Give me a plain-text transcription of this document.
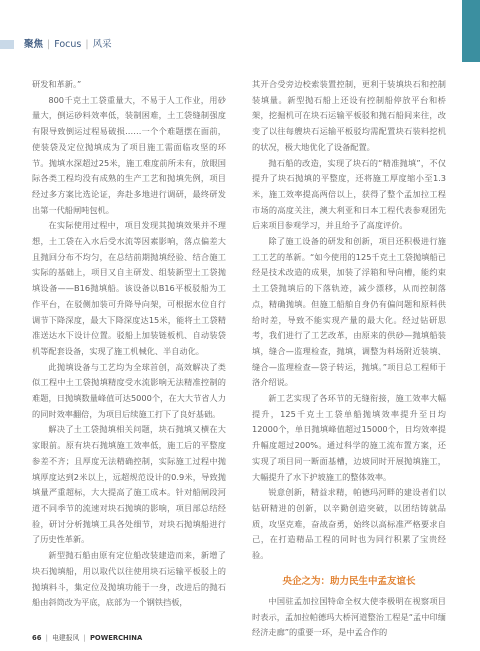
聚焦 | Focus | 风采

研发和革新。”

800千克土工袋重量大，不易于人工作业，用砂量大，倒运砂料效率低，装制困难，土工袋缝制强度有限导致倒运过程易破损……一个个难题摆在面前，使装袋及定位抛填成为了项目施工需面临攻坚的环节。抛填水深超过25米，施工难度前所未有，放眼国际各类工程均没有成熟的生产工艺和抛填先例，项目经过多方案比选论证，奔赴多地进行调研，最终研发出第一代船闸吨包机。

在实际使用过程中，项目发现其抛填效果并不理想，土工袋在入水后受水流等因素影响，落点偏差大且抛回分布不均匀，在总结前期抛填经验、结合施工实际的基础上，项目又自主研发、组装新型土工袋抛填设备——B16抛填船。该设备以B16平板驳船为工作平台，在驳侧加装可升降导向架，可根据水位自行调节下降深度，最大下降深度达15米，能将土工袋精准送达水下设计位置。驳船上加装链板机、自动装袋机等配套设备，实现了施工机械化、半自动化。

此抛填设备与工艺均为全球首创，高效解决了类似工程中土工袋抛填精度受水流影响无法精准控制的难题，日抛填数量峰值可达5000个，在大大节省人力的同时效率翻倍，为项目后续施工打下了良好基础。

解决了土工袋抛填相关问题，块石抛填又横在大家眼前。原有块石抛填施工效率低，施工后的平整度参差不齐；且厚度无法精确控制，实际施工过程中抛填厚度达到2米以上，远超规范设计的0.9米，导致抛填量严重超标，大大提高了施工成本。针对船闸段河道不同季节的流速对块石抛填的影响，项目部总结经验，研讨分析抛填工具各处细节，对块石抛填船进行了历史性革新。

新型抛石船由原有定位船改装建造而来，新增了块石抛填船，用以取代以往使用块石运输平板驳上的抛填料斗，集定位及抛填功能于一身，改进后的抛石船由斜筒改为平底，底部为一个钢铁挡板，

其开合受旁边校索装置控制，更利于装填块石和控制装填量。新型抛石船上还设有控制船停放平台和桥架，挖掘机可在块石运输平板驳和抛石船间来往，改变了以往每艘块石运输平板驳均需配置块石装料挖机的状况，极大地优化了设备配置。

抛石船的改造，实现了块石的“精准抛填”，不仅提升了块石抛填的平整度，还将施工厚度缩小至1.3米，施工效率提高两倍以上，获得了整个孟加拉工程市场的高度关注，澳大利亚和日本工程代表参观团先后来项目参观学习，并且给予了高度评价。

除了施工设备的研发和创新，项目还积极进行施工工艺的革新。“如今使用的125千克土工袋抛填船已经是技术改造的成果，加装了浮箱和导向槽，能约束土工袋抛填后的下落轨迹，减少漂移，从而控制落点，精确抛填。但施工船舶自身仍有偏问题和原料供给时差，导致不能实现产量的最大化。经过钻研思考，我们进行了工艺改革，由原来的供砂—抛填船装填，缝合—监理检查，抛填，调整为料场附近装填、缝合—监理检查—袋子转运，抛填。”项目总工程师于洛介绍说。

新工艺实现了各环节的无缝衔接，施工效率大幅提升，125千克土工袋单船抛填效率提升至日均12000个，单日抛填峰值超过15000个，日均效率提升幅度超过200%。通过科学的施工流布置方案，还实现了项目同一断面基槽，边坡同时开展抛填施工，大幅提升了水下护坡施工的整体效率。

锐意创新，精益求精，帕德玛河畔的建设者们以钻研精进的创新，以辛勤创造突破，以团结铸就品质，攻坚克难，奋战奋勇，始终以高标准严格要求自己，在打造精品工程的同时也为同行积累了宝贵经验。

央企之为：助力民生中孟友谊长

中国驻孟加拉国特命全权大使李极明在视察项目时表示，孟加拉帕德玛大桥河道整治工程是“孟中印缅经济走廊”的重要一环，是中孟合作的

66 | 电建报风 | POWERCHINA
